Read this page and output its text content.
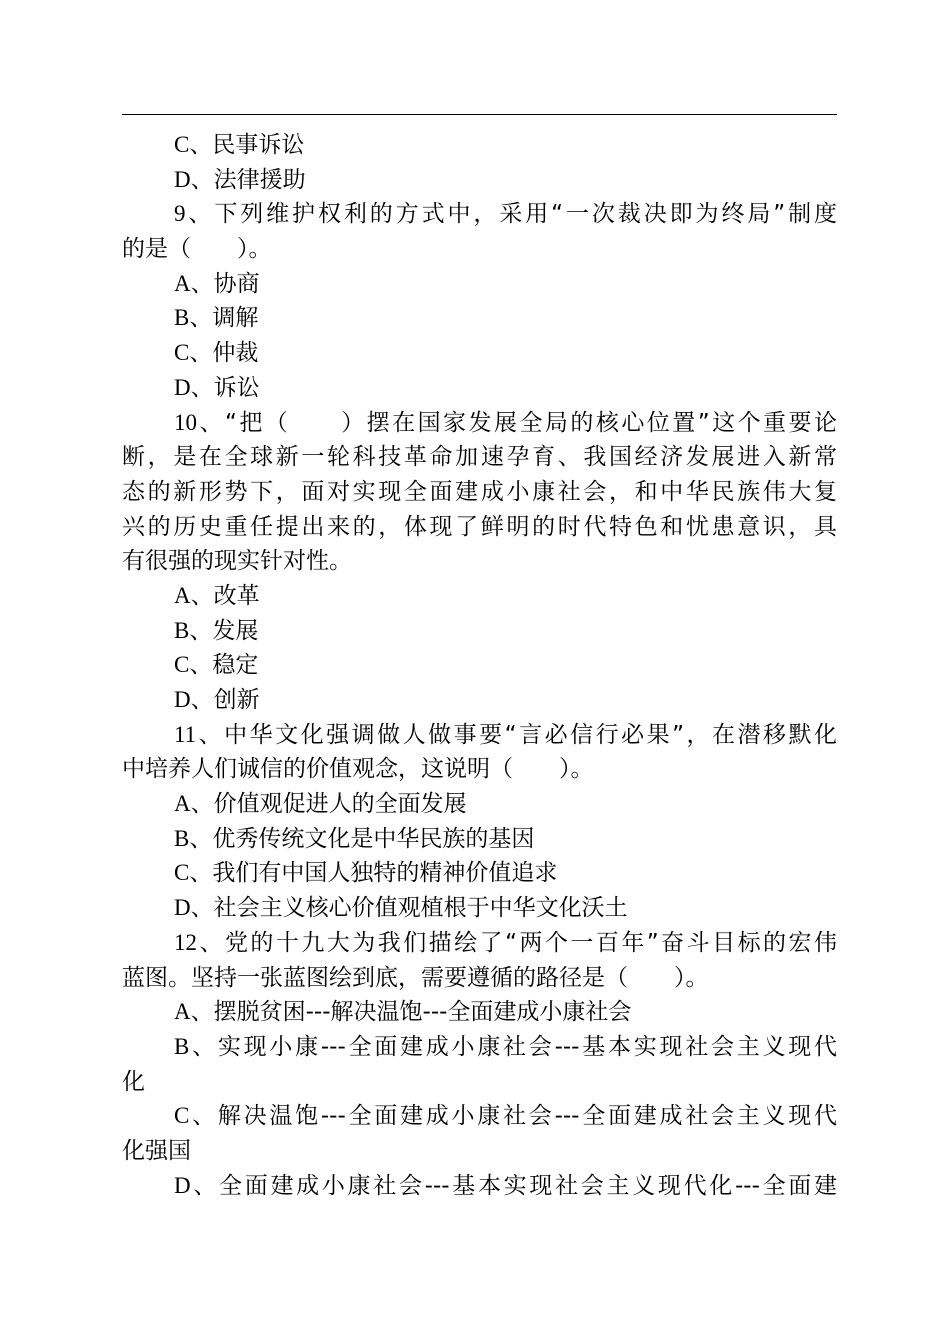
C、民事诉讼
D、法律援助
9、下列维护权利的方式中，采用“一次裁决即为终局”制度
的是（　　）。
A、协商
B、调解
C、仲裁
D、诉讼
10、“把（　　）摆在国家发展全局的核心位置”这个重要论
断，是在全球新一轮科技革命加速孕育、我国经济发展进入新常
态的新形势下，面对实现全面建成小康社会，和中华民族伟大复
兴的历史重任提出来的，体现了鲜明的时代特色和忧患意识，具
有很强的现实针对性。
A、改革
B、发展
C、稳定
D、创新
11、中华文化强调做人做事要“言必信行必果”，在潜移默化
中培养人们诚信的价值观念，这说明（　　）。
A、价值观促进人的全面发展
B、优秀传统文化是中华民族的基因
C、我们有中国人独特的精神价值追求
D、社会主义核心价值观植根于中华文化沃土
12、党的十九大为我们描绘了“两个一百年”奋斗目标的宏伟
蓝图。坚持一张蓝图绘到底，需要遵循的路径是（　　）。
A、摆脱贫困---解决温饱---全面建成小康社会
B、实现小康---全面建成小康社会---基本实现社会主义现代
化
C、解决温饱---全面建成小康社会---全面建成社会主义现代
化强国
D、全面建成小康社会---基本实现社会主义现代化---全面建
